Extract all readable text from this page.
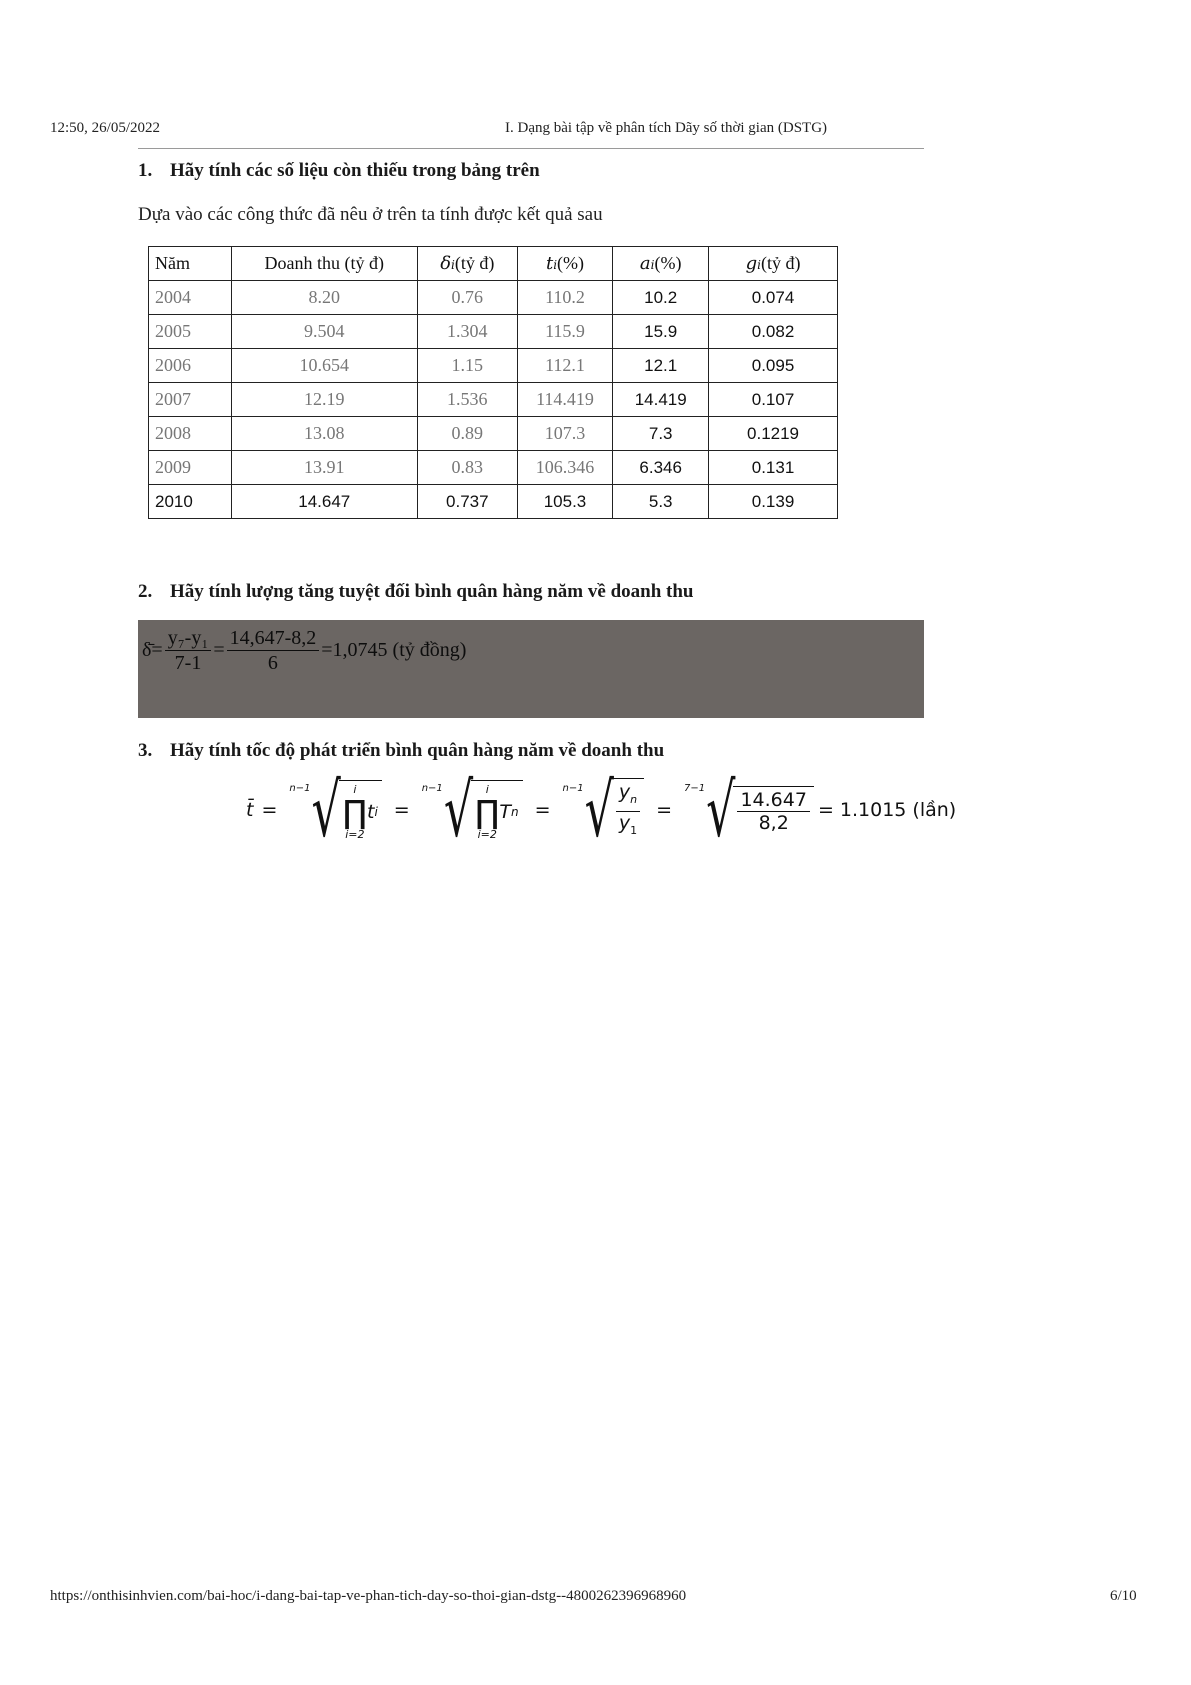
12:50, 26/05/2022	I. Dạng bài tập về phân tích Dãy số thời gian (DSTG)
1. Hãy tính các số liệu còn thiếu trong bảng trên
Dựa vào các công thức đã nêu ở trên ta tính được kết quả sau
Năm	Doanh thu (tỷ đ)	δi(tỷ đ)	ti(%)	ai(%)	gi(tỷ đ)
2004	8.20	0.76	110.2	10.2	0.074
2005	9.504	1.304	115.9	15.9	0.082
2006	10.654	1.15	112.1	12.1	0.095
2007	12.19	1.536	114.419	14.419	0.107
2008	13.08	0.89	107.3	7.3	0.1219
2009	13.91	0.83	106.346	6.346	0.131
2010	14.647	0.737	105.3	5.3	0.139
2. Hãy tính lượng tăng tuyệt đối bình quân hàng năm về doanh thu
δ̄= $\frac{\text{y₇-y₁}}{7-1} = \frac{14,647-8,2}{6} =1,0745$ (tỷ đồng)
3. Hãy tính tốc độ phát triển bình quân hàng năm về doanh thu
t̄ =
n−1 √ i
∏
i=2
t i =
n−1 √ i
∏
i=2
T n =
n−1 √ $y_n$
$y_1$
=
7−1 √ 14.647
8,2
= 1.1015 (lần)
https://onthisinhvien.com/bai-hoc/i-dang-bai-tap-ve-phan-tich-day-so-thoi-gian-dstg--4800262396968960	6/10
